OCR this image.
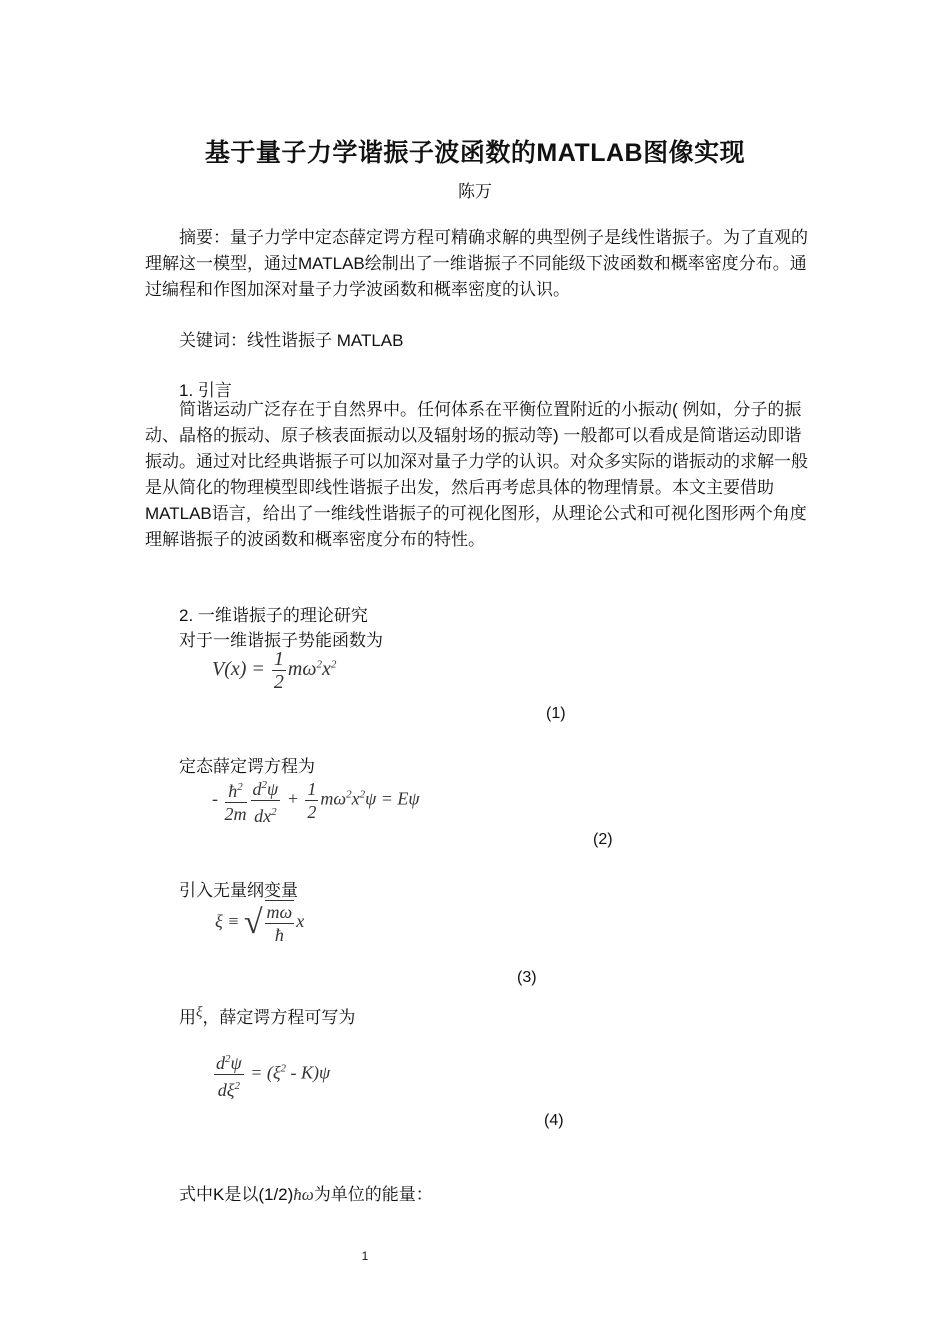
基于量子力学谐振子波函数的MATLAB图像实现
陈万

摘要：量子力学中定态薛定谔方程可精确求解的典型例子是线性谐振子。为了直观的理解这一模型，通过MATLAB绘制出了一维谐振子不同能级下波函数和概率密度分布。通过编程和作图加深对量子力学波函数和概率密度的认识。

关键词：线性谐振子 MATLAB
1. 引言

简谐运动广泛存在于自然界中。任何体系在平衡位置附近的小振动( 例如，分子的振动、晶格的振动、原子核表面振动以及辐射场的振动等) 一般都可以看成是简谐运动即谐振动。通过对比经典谐振子可以加深对量子力学的认识。对众多实际的谐振动的求解一般是从简化的物理模型即线性谐振子出发，然后再考虑具体的物理情景。本文主要借助MATLAB语言，给出了一维线性谐振子的可视化图形，从理论公式和可视化图形两个角度理解谐振子的波函数和概率密度分布的特性。

2. 一维谐振子的理论研究
对于一维谐振子势能函数为
$V(x) = \frac{1}{2} m\omega^2x^2$
(1)
定态薛定谔方程为
- $\frac{ħ^2}{2m} \frac{d^2\psi}{dx^2} + \frac{1}{2} m\omega^2x^2\psi = E\psi$
(2)
引入无量纲变量
ξ ≡ √ $\frac{m\omega}{ħ}$ x
(3)
用ξ，薛定谔方程可写为
$\frac{d^2\psi}{d\xi^2} = (\xi^2 - K)\psi$
(4)
式中K是以(1/2)ħω为单位的能量：
1
